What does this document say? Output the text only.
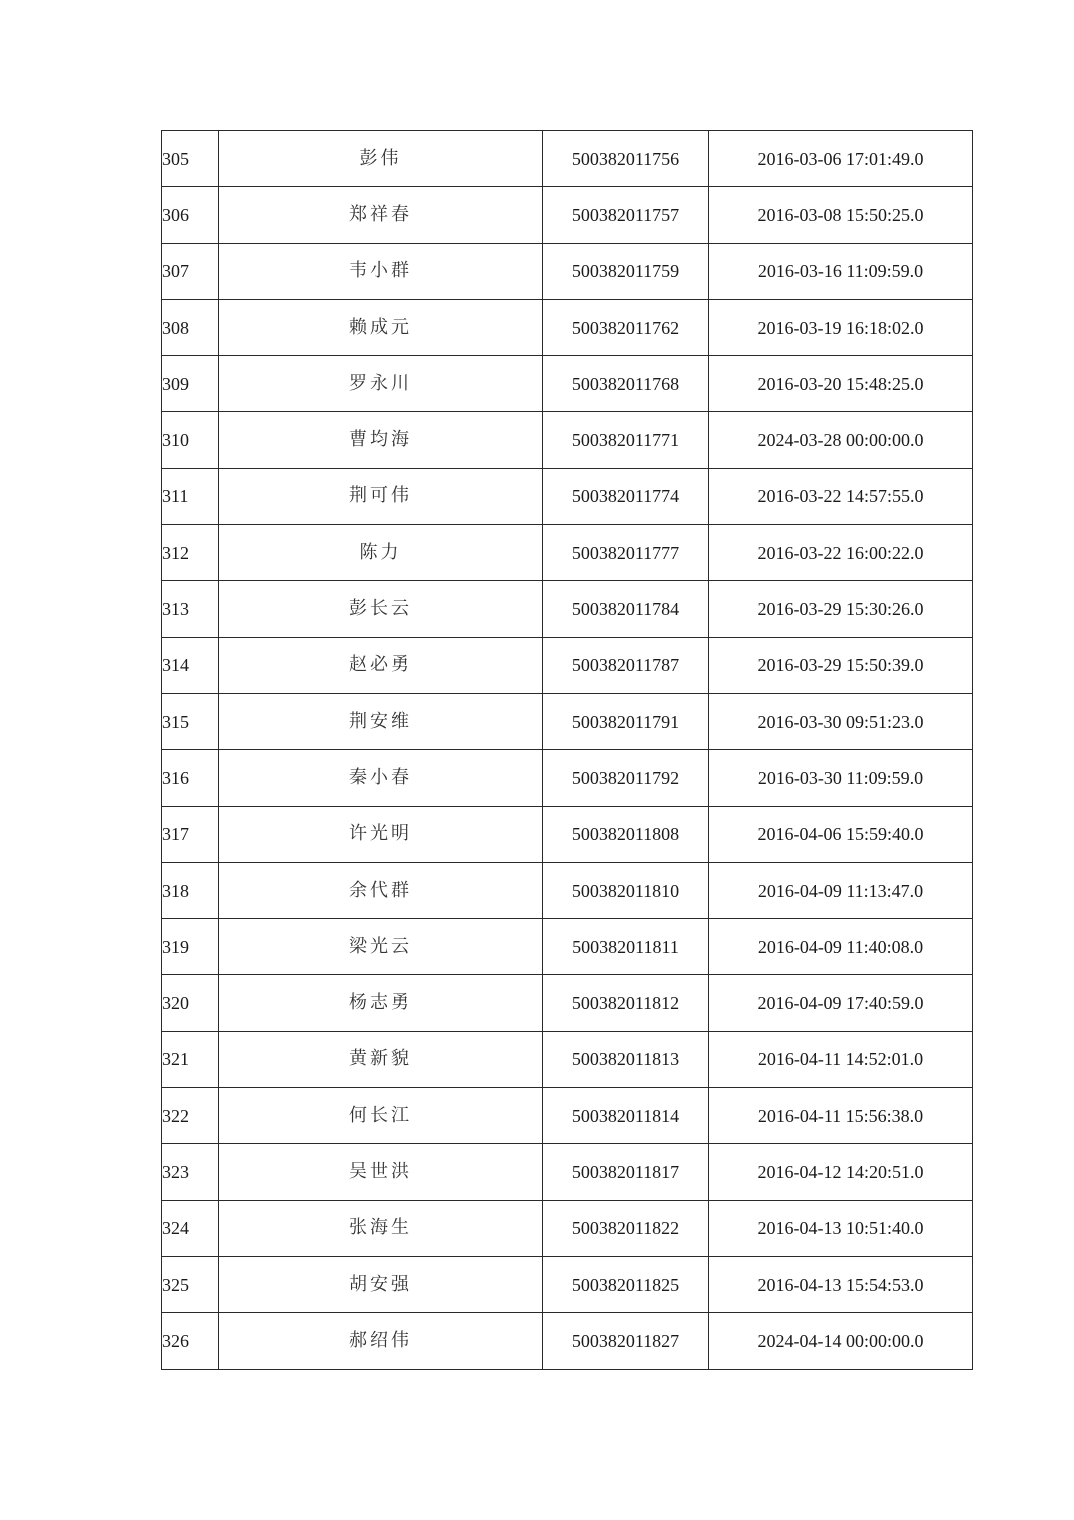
305	彭伟	500382011756	2016-03-06 17:01:49.0
306	郑祥春	500382011757	2016-03-08 15:50:25.0
307	韦小群	500382011759	2016-03-16 11:09:59.0
308	赖成元	500382011762	2016-03-19 16:18:02.0
309	罗永川	500382011768	2016-03-20 15:48:25.0
310	曹均海	500382011771	2024-03-28 00:00:00.0
311	荆可伟	500382011774	2016-03-22 14:57:55.0
312	陈力	500382011777	2016-03-22 16:00:22.0
313	彭长云	500382011784	2016-03-29 15:30:26.0
314	赵必勇	500382011787	2016-03-29 15:50:39.0
315	荆安维	500382011791	2016-03-30 09:51:23.0
316	秦小春	500382011792	2016-03-30 11:09:59.0
317	许光明	500382011808	2016-04-06 15:59:40.0
318	余代群	500382011810	2016-04-09 11:13:47.0
319	梁光云	500382011811	2016-04-09 11:40:08.0
320	杨志勇	500382011812	2016-04-09 17:40:59.0
321	黄新貌	500382011813	2016-04-11 14:52:01.0
322	何长江	500382011814	2016-04-11 15:56:38.0
323	吴世洪	500382011817	2016-04-12 14:20:51.0
324	张海生	500382011822	2016-04-13 10:51:40.0
325	胡安强	500382011825	2016-04-13 15:54:53.0
326	郝绍伟	500382011827	2024-04-14 00:00:00.0
